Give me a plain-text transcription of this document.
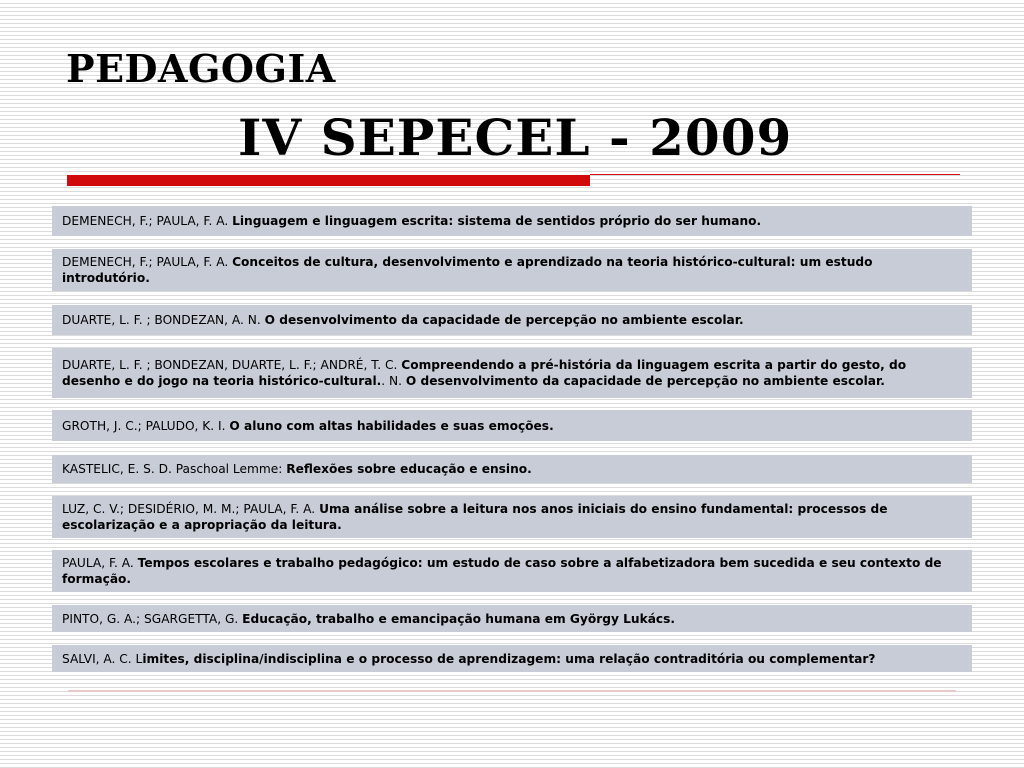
PEDAGOGIA
IV SEPECEL - 2009
DEMENECH, F.; PAULA, F. A. Linguagem e linguagem escrita: sistema de sentidos próprio do ser humano.
DEMENECH, F.; PAULA, F. A. Conceitos de cultura, desenvolvimento e aprendizado na teoria histórico-cultural: um estudo introdutório.
DUARTE, L. F. ; BONDEZAN, A. N. O desenvolvimento da capacidade de percepção no ambiente escolar.
DUARTE, L. F. ; BONDEZAN, DUARTE, L. F.; ANDRÉ, T. C. Compreendendo a pré-história da linguagem escrita a partir do gesto, do desenho e do jogo na teoria histórico-cultural.. N. O desenvolvimento da capacidade de percepção no ambiente escolar.
GROTH, J. C.; PALUDO, K. I. O aluno com altas habilidades e suas emoções.
KASTELIC, E. S. D. Paschoal Lemme: Reflexões sobre educação e ensino.
LUZ, C. V.; DESIDÉRIO, M. M.; PAULA, F. A. Uma análise sobre a leitura nos anos iniciais do ensino fundamental: processos de escolarização e a apropriação da leitura.
PAULA, F. A. Tempos escolares e trabalho pedagógico: um estudo de caso sobre a alfabetizadora bem sucedida e seu contexto de formação.
PINTO, G. A.; SGARGETTA, G. Educação, trabalho e emancipação humana em György Lukács.
SALVI, A. C. Limites, disciplina/indisciplina e o processo de aprendizagem: uma relação contraditória ou complementar?
